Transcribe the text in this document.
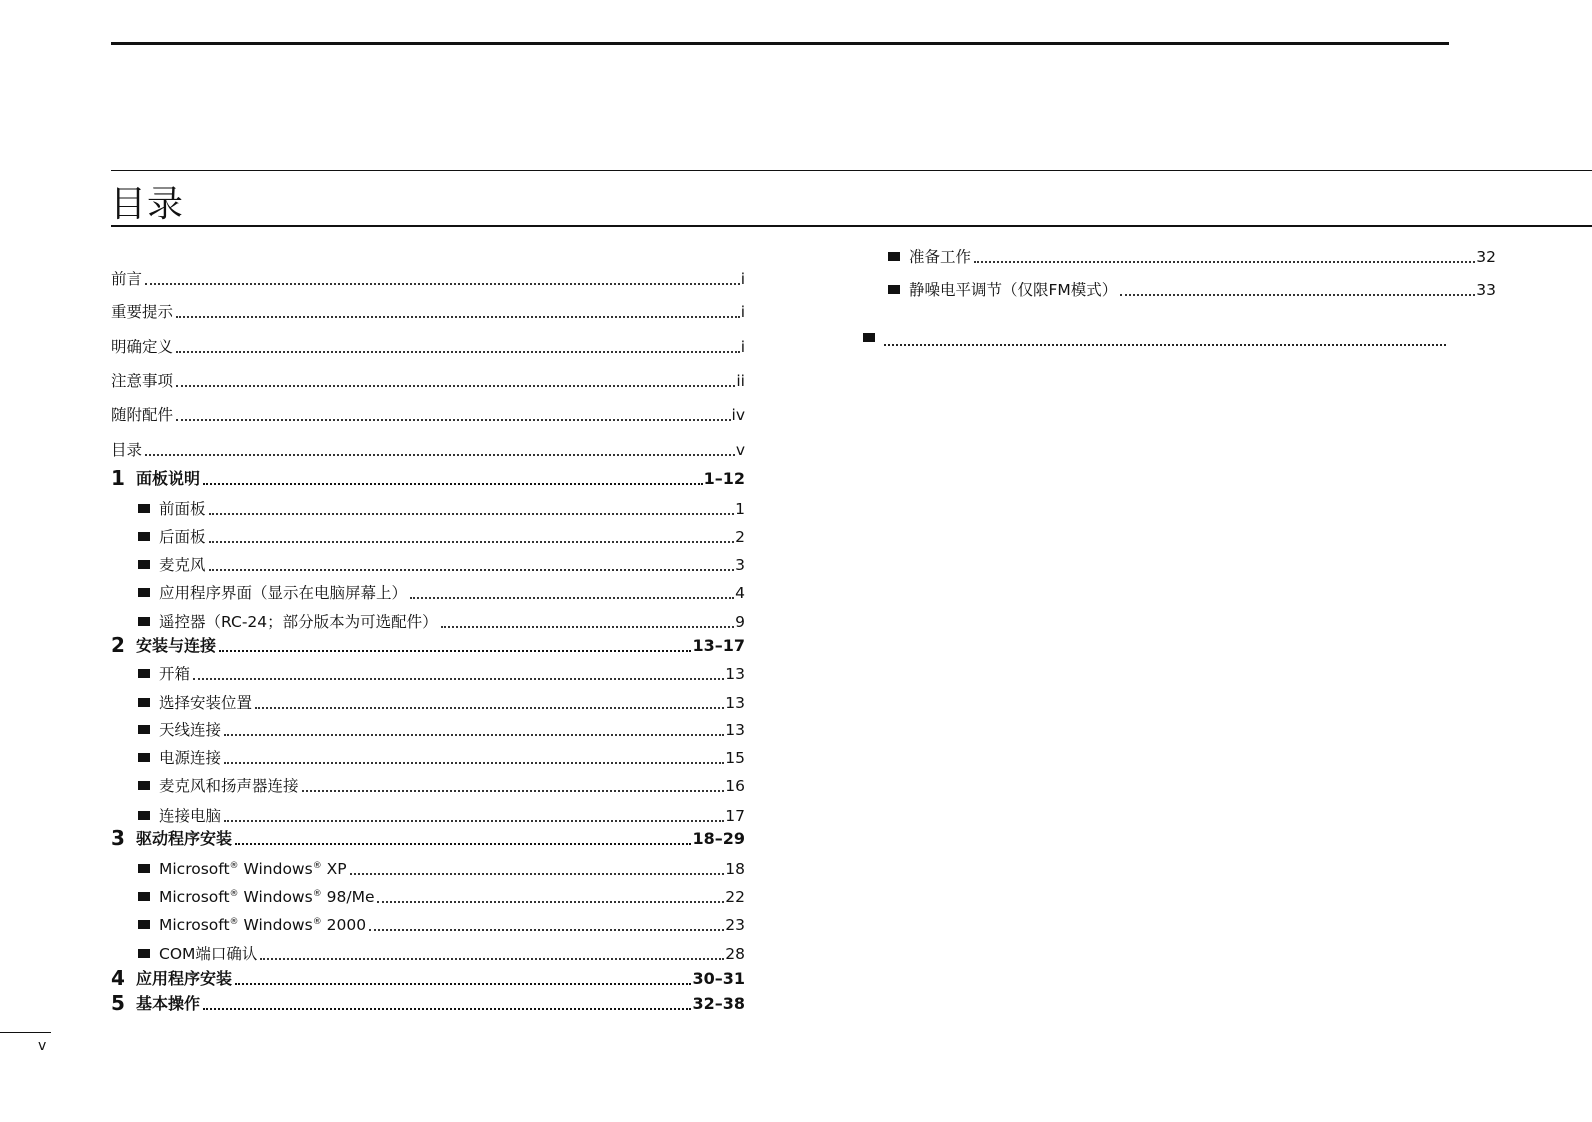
目录
前言	i
重要提示	i
明确定义	i
注意事项	ii
随附配件	iv
目录	v
1 面板说明	1–12
前面板	1
后面板	2
麦克风	3
应用程序界面（显示在电脑屏幕上）	4
遥控器（RC-24；部分版本为可选配件）	9
2 安装与连接	13–17
开箱	13
选择安装位置	13
天线连接	13
电源连接	15
麦克风和扬声器连接	16
连接电脑	17
3 驱动程序安装	18–29
Microsoft® Windows® XP	18
Microsoft® Windows® 98/Me	22
Microsoft® Windows® 2000	23
COM端口确认	28
4 应用程序安装	30–31
5 基本操作	32–38
准备工作	32
静噪电平调节（仅限FM模式）	33
v
